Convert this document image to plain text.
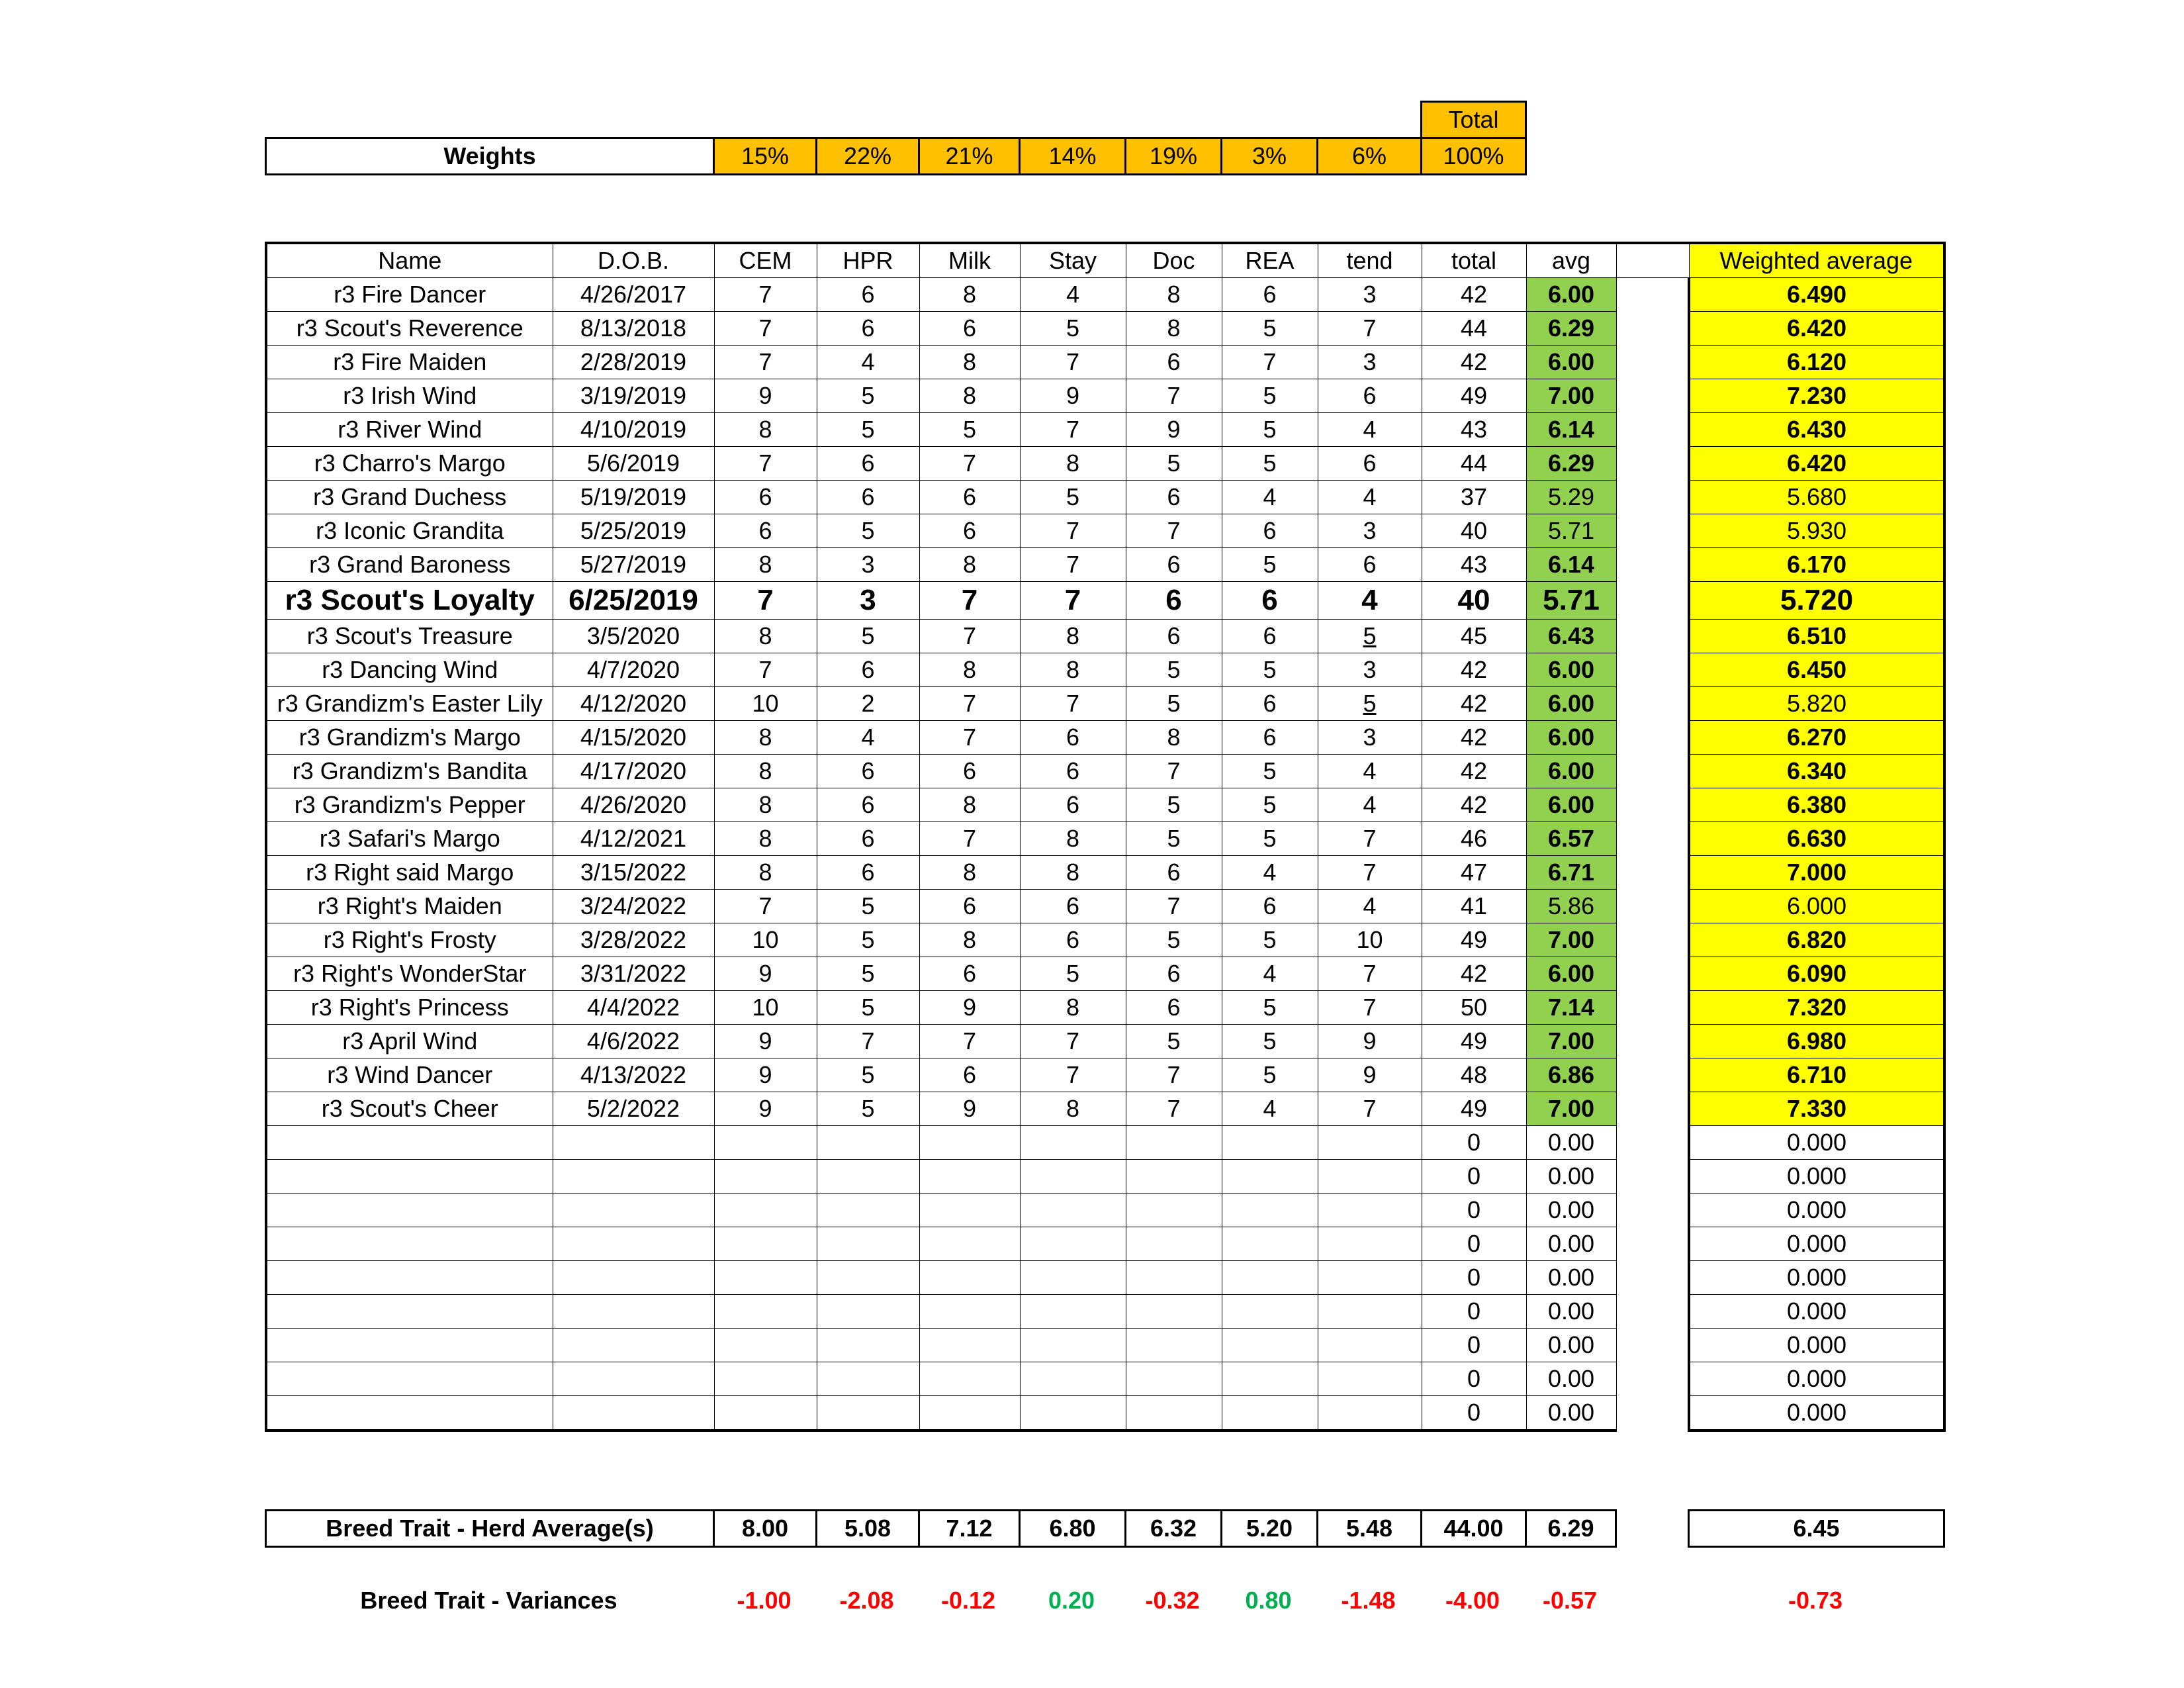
								Total
Weights	15%	22%	21%	14%	19%	3%	6%	100%
Name	D.O.B.	CEM	HPR	Milk	Stay	Doc	REA	tend	total	avg		Weighted average
r3 Fire Dancer	4/26/2017	7	6	8	4	8	6	3	42	6.00		6.490
r3 Scout's Reverence	8/13/2018	7	6	6	5	8	5	7	44	6.29		6.420
r3 Fire Maiden	2/28/2019	7	4	8	7	6	7	3	42	6.00		6.120
r3 Irish Wind	3/19/2019	9	5	8	9	7	5	6	49	7.00		7.230
r3 River Wind	4/10/2019	8	5	5	7	9	5	4	43	6.14		6.430
r3 Charro's Margo	5/6/2019	7	6	7	8	5	5	6	44	6.29		6.420
r3 Grand Duchess	5/19/2019	6	6	6	5	6	4	4	37	5.29		5.680
r3 Iconic Grandita	5/25/2019	6	5	6	7	7	6	3	40	5.71		5.930
r3 Grand Baroness	5/27/2019	8	3	8	7	6	5	6	43	6.14		6.170
r3 Scout's Loyalty	6/25/2019	7	3	7	7	6	6	4	40	5.71		5.720
r3 Scout's Treasure	3/5/2020	8	5	7	8	6	6	5	45	6.43		6.510
r3 Dancing Wind	4/7/2020	7	6	8	8	5	5	3	42	6.00		6.450
r3 Grandizm's Easter Lily	4/12/2020	10	2	7	7	5	6	5	42	6.00		5.820
r3 Grandizm's Margo	4/15/2020	8	4	7	6	8	6	3	42	6.00		6.270
r3 Grandizm's Bandita	4/17/2020	8	6	6	6	7	5	4	42	6.00		6.340
r3 Grandizm's Pepper	4/26/2020	8	6	8	6	5	5	4	42	6.00		6.380
r3 Safari's Margo	4/12/2021	8	6	7	8	5	5	7	46	6.57		6.630
r3 Right said Margo	3/15/2022	8	6	8	8	6	4	7	47	6.71		7.000
r3 Right's Maiden	3/24/2022	7	5	6	6	7	6	4	41	5.86		6.000
r3 Right's Frosty	3/28/2022	10	5	8	6	5	5	10	49	7.00		6.820
r3 Right's WonderStar	3/31/2022	9	5	6	5	6	4	7	42	6.00		6.090
r3 Right's Princess	4/4/2022	10	5	9	8	6	5	7	50	7.14		7.320
r3 April Wind	4/6/2022	9	7	7	7	5	5	9	49	7.00		6.980
r3 Wind Dancer	4/13/2022	9	5	6	7	7	5	9	48	6.86		6.710
r3 Scout's Cheer	5/2/2022	9	5	9	8	7	4	7	49	7.00		7.330
									0	0.00		0.000
									0	0.00		0.000
									0	0.00		0.000
									0	0.00		0.000
									0	0.00		0.000
									0	0.00		0.000
									0	0.00		0.000
									0	0.00		0.000
									0	0.00		0.000
Breed Trait - Herd Average(s)	8.00	5.08	7.12	6.80	6.32	5.20	5.48	44.00	6.29		6.45
Breed Trait - Variances	-1.00	-2.08	-0.12	0.20	-0.32	0.80	-1.48	-4.00	-0.57		-0.73
